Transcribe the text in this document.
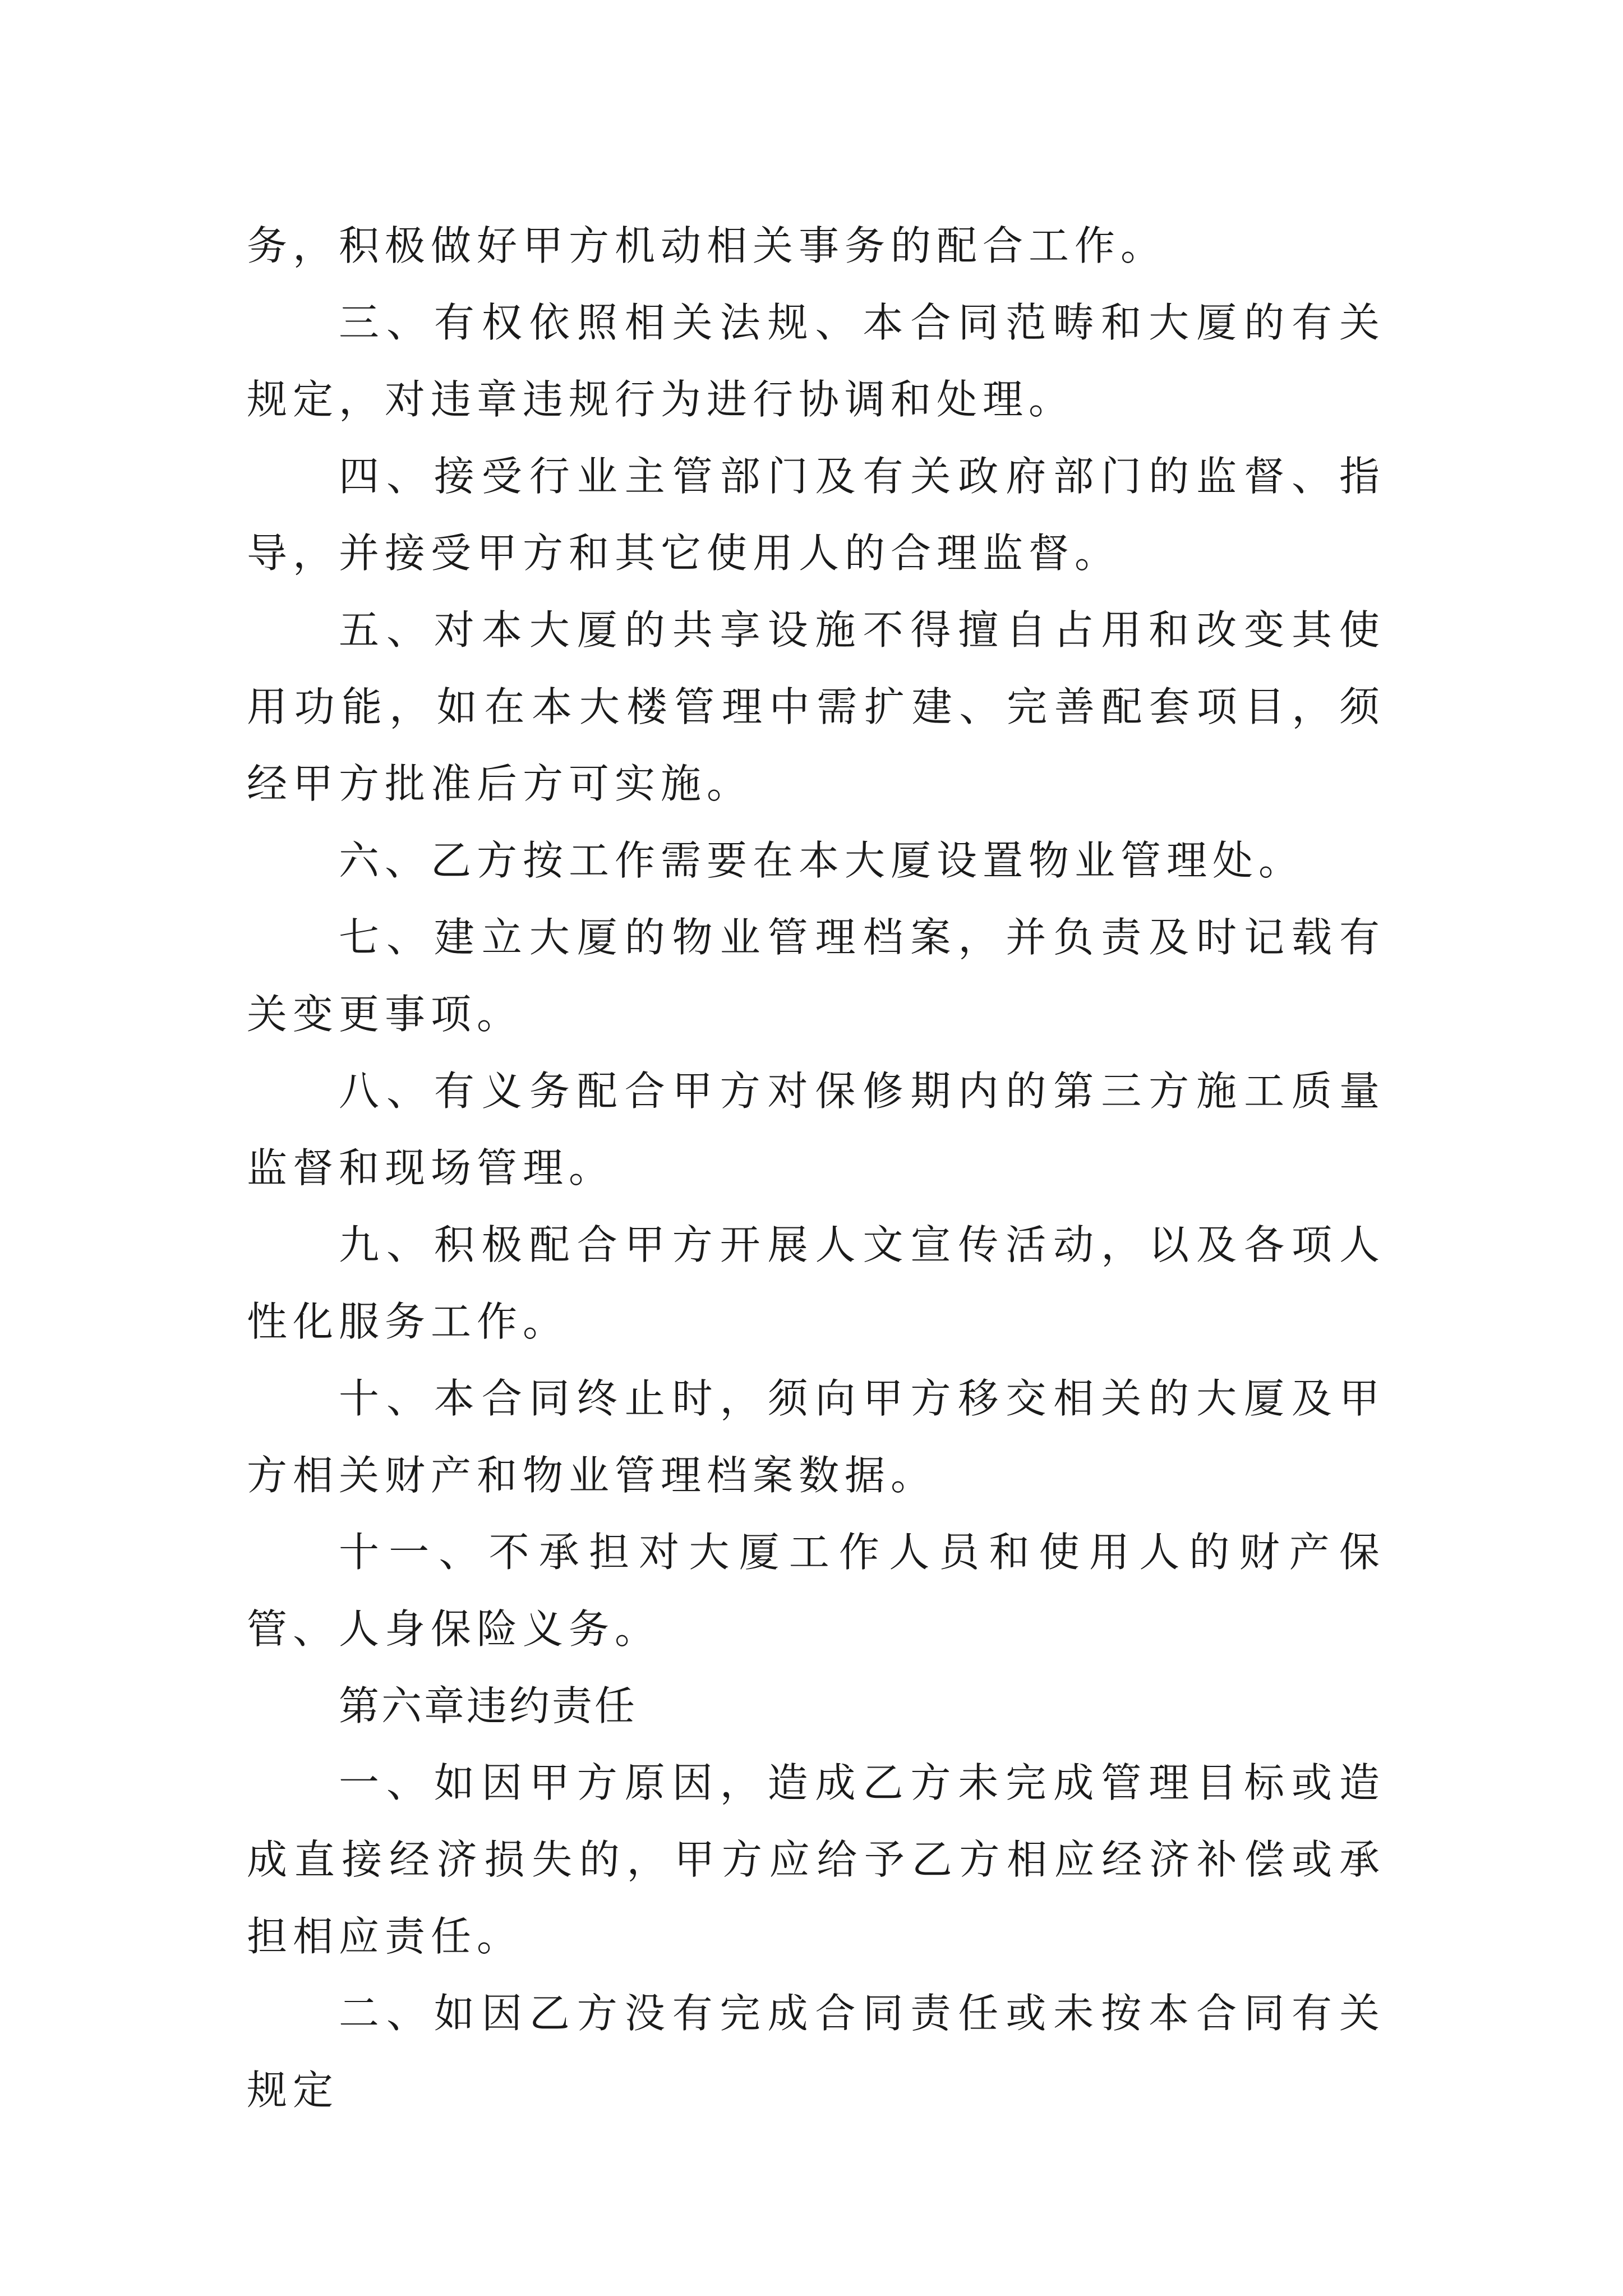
务，积极做好甲方机动相关事务的配合工作。

三、有权依照相关法规、本合同范畴和大厦的有关规定，对违章违规行为进行协调和处理。

四、接受行业主管部门及有关政府部门的监督、指导，并接受甲方和其它使用人的合理监督。

五、对本大厦的共享设施不得擅自占用和改变其使用功能，如在本大楼管理中需扩建、完善配套项目，须经甲方批准后方可实施。

六、乙方按工作需要在本大厦设置物业管理处。

七、建立大厦的物业管理档案，并负责及时记载有关变更事项。

八、有义务配合甲方对保修期内的第三方施工质量监督和现场管理。

九、积极配合甲方开展人文宣传活动，以及各项人性化服务工作。

十、本合同终止时，须向甲方移交相关的大厦及甲方相关财产和物业管理档案数据。

十一、不承担对大厦工作人员和使用人的财产保管、人身保险义务。

第六章违约责任

一、如因甲方原因，造成乙方未完成管理目标或造成直接经济损失的，甲方应给予乙方相应经济补偿或承担相应责任。

二、如因乙方没有完成合同责任或未按本合同有关规定
